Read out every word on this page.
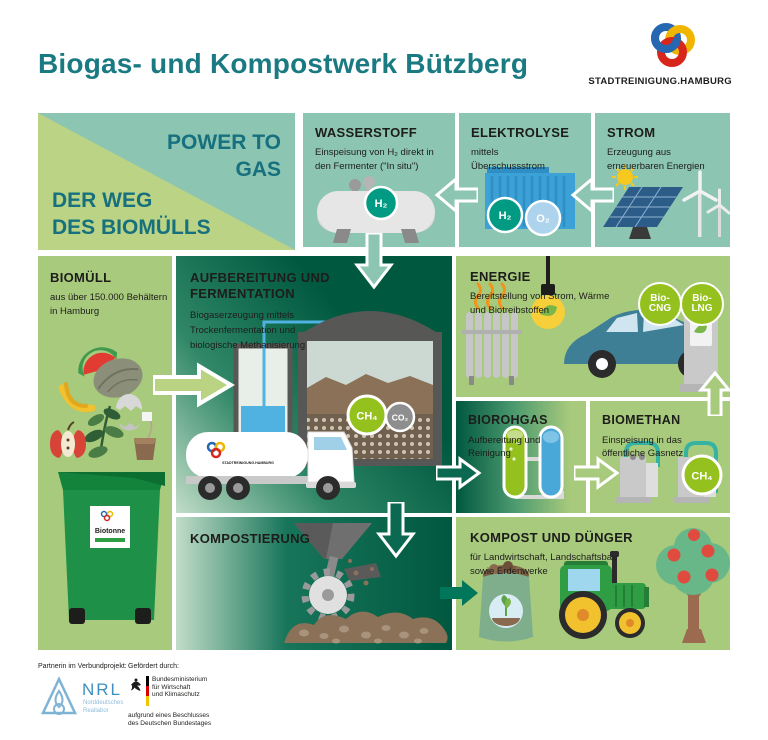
Biogas- und Kompostwerk Bützberg
STADTREINIGUNG.HAMBURG
POWER TO
GAS
DER WEG
DES BIOMÜLLS
WASSERSTOFF
Einspeisung von H₂ direkt in
den Fermenter ("In situ")
H₂
ELEKTROLYSE
mittels
Überschussstrom
H₂ O₂
STROM
Erzeugung aus
erneuerbaren Energien
BIOMÜLL
aus über 150.000 Behältern
in Hamburg
Biotonne
AUFBEREITUNG UND
FERMENTATION
Biogaserzeugung mittels
Trockenfermentation und
biologische Methanisierung
CH₄ CO₂
STADTREINIGUNG.HAMBURG
ENERGIE
Bereitstellung von Strom, Wärme
und Biotreibstoffen
Bio-
CNG
Bio-
LNG
BIOROHGAS
Aufbereitung und
Reinigung
BIOMETHAN
Einspeisung in das
öffentliche Gasnetz
CH₄
KOMPOSTIERUNG	KOMPOST UND DÜNGER
für Landwirtschaft, Landschaftsbau
sowie Erdenwerke
Partnerin im Verbundprojekt:
NRL
Norddeutsches
Reallabor
Gefördert durch:
Bundesministerium
für Wirtschaft
und Klimaschutz
aufgrund eines Beschlusses
des Deutschen Bundestages
